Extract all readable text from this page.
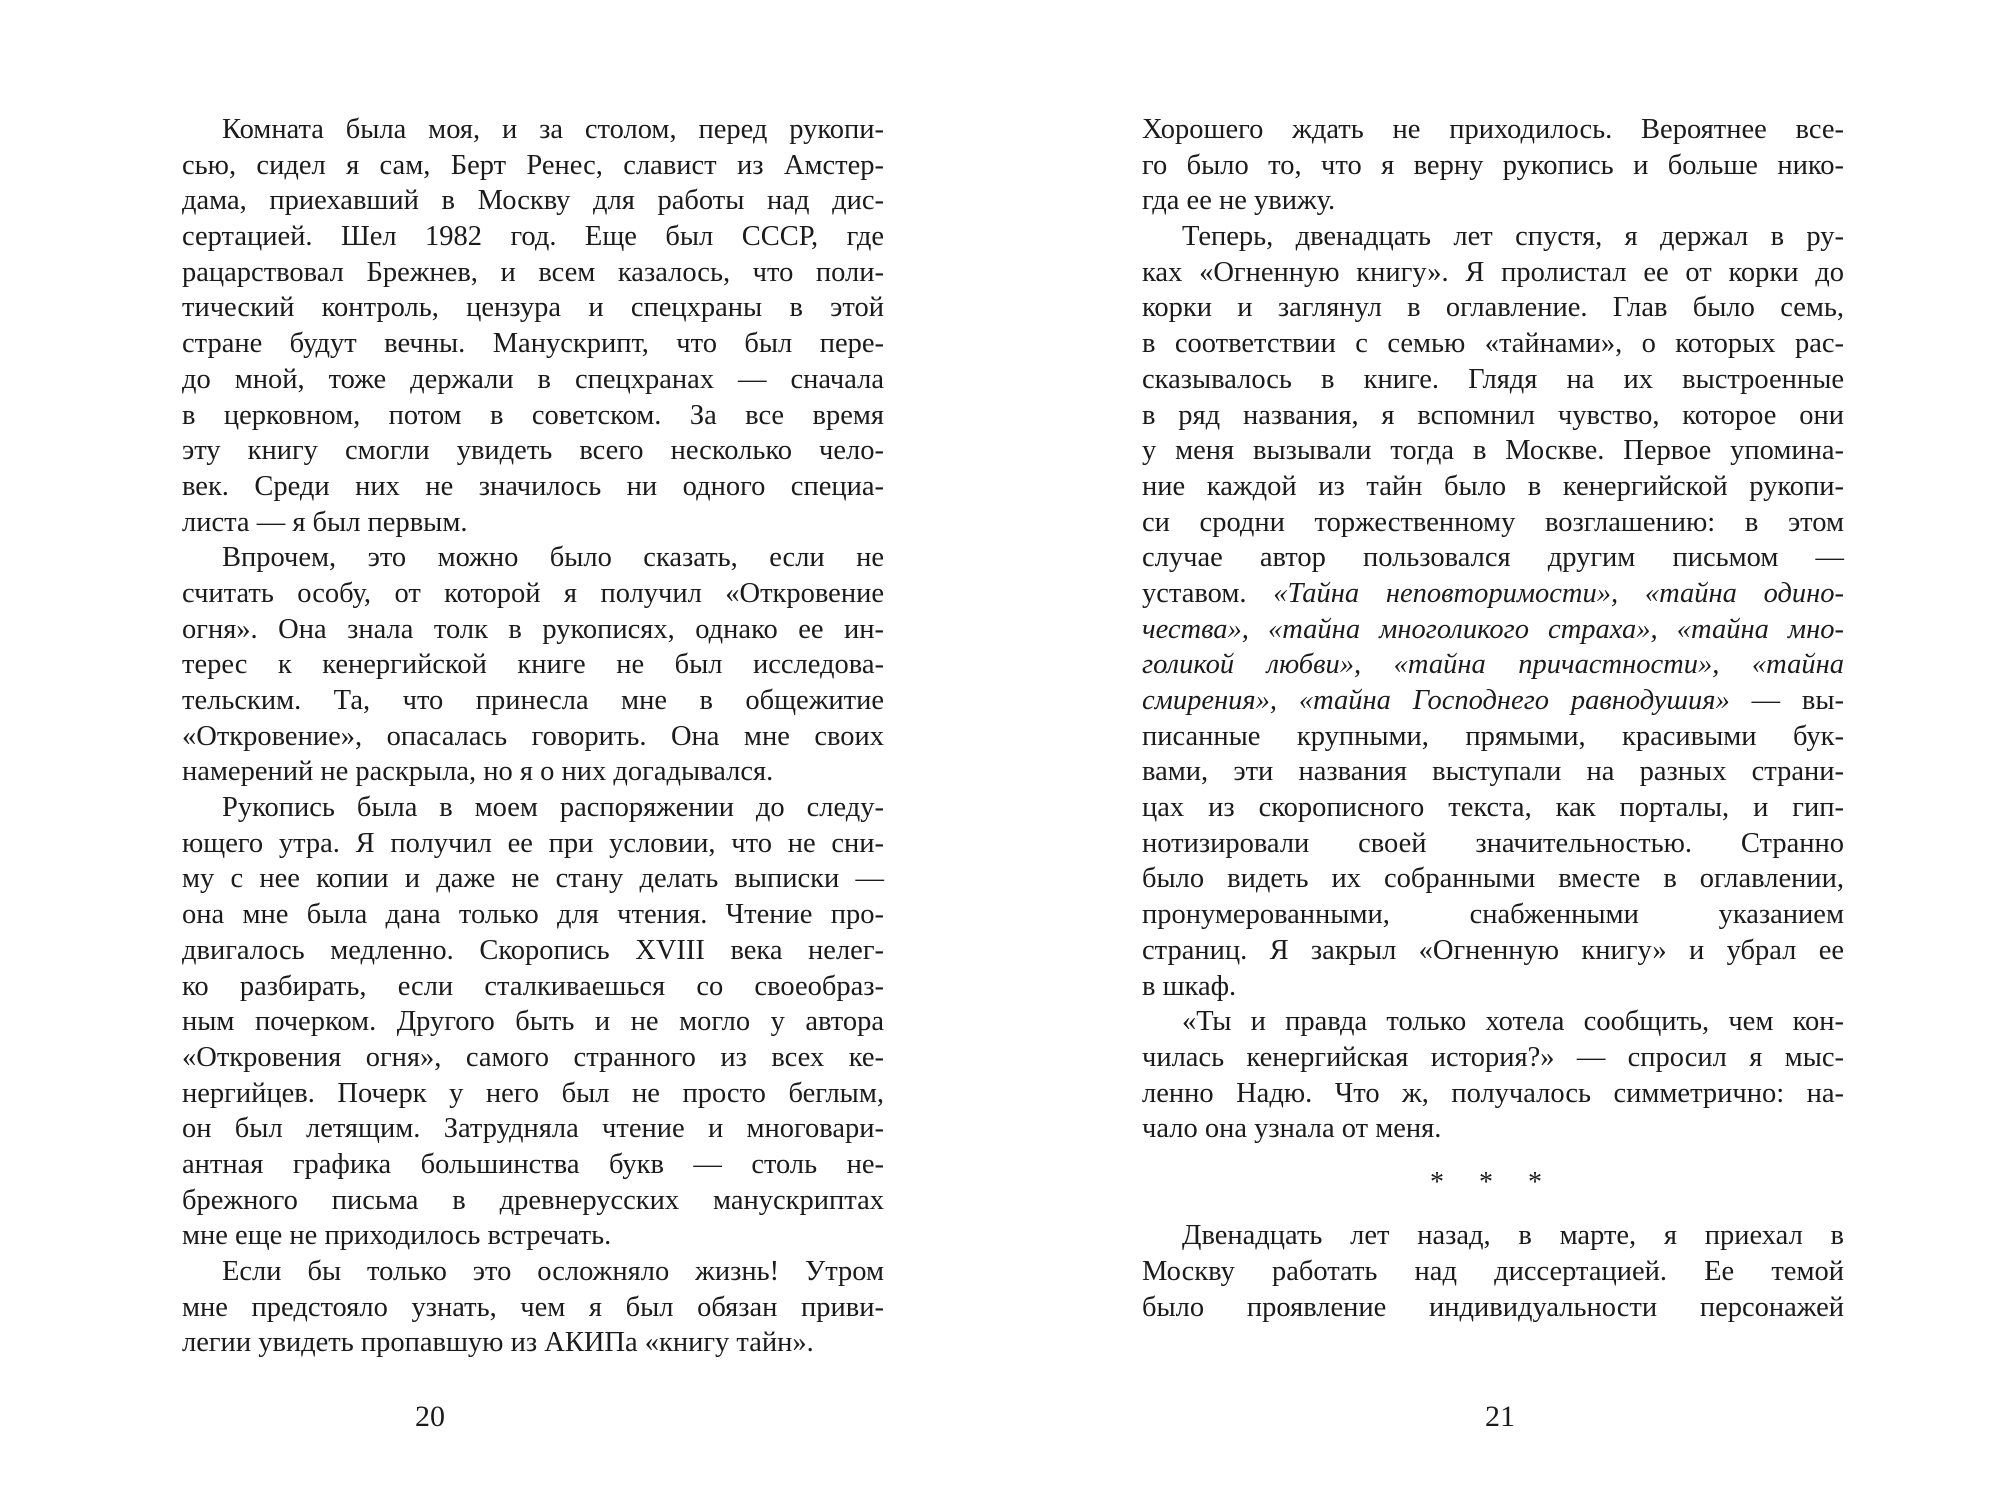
Комната была моя, и за столом, перед рукопи-
сью, сидел я сам, Берт Ренес, славист из Амстер-
дама, приехавший в Москву для работы над дис-
сертацией. Шел 1982 год. Еще был СССР, где
рацарствовал Брежнев, и всем казалось, что поли-
тический контроль, цензура и спецхраны в этой
стране будут вечны. Манускрипт, что был пере-
до мной, тоже держали в спецхранах — сначала
в церковном, потом в советском. За все время
эту книгу смогли увидеть всего несколько чело-
век. Среди них не значилось ни одного специа-
листа — я был первым.
Впрочем, это можно было сказать, если не
считать особу, от которой я получил «Откровение
огня». Она знала толк в рукописях, однако ее ин-
терес к кенергийской книге не был исследова-
тельским. Та, что принесла мне в общежитие
«Откровение», опасалась говорить. Она мне своих
намерений не раскрыла, но я о них догадывался.
Рукопись была в моем распоряжении до следу-
ющего утра. Я получил ее при условии, что не сни-
му с нее копии и даже не стану делать выписки —
она мне была дана только для чтения. Чтение про-
двигалось медленно. Скоропись XVIII века нелег-
ко разбирать, если сталкиваешься со своеобраз-
ным почерком. Другого быть и не могло у автора
«Откровения огня», самого странного из всех ке-
нергийцев. Почерк у него был не просто беглым,
он был летящим. Затрудняла чтение и многовари-
антная графика большинства букв — столь не-
брежного письма в древнерусских манускриптах
мне еще не приходилось встречать.
Если бы только это осложняло жизнь! Утром
мне предстояло узнать, чем я был обязан приви-
легии увидеть пропавшую из АКИПа «книгу тайн».
20
Хорошего ждать не приходилось. Вероятнее все-
го было то, что я верну рукопись и больше нико-
гда ее не увижу.
Теперь, двенадцать лет спустя, я держал в ру-
ках «Огненную книгу». Я пролистал ее от корки до
корки и заглянул в оглавление. Глав было семь,
в соответствии с семью «тайнами», о которых рас-
сказывалось в книге. Глядя на их выстроенные
в ряд названия, я вспомнил чувство, которое они
у меня вызывали тогда в Москве. Первое упомина-
ние каждой из тайн было в кенергийской рукопи-
си сродни торжественному возглашению: в этом
случае автор пользовался другим письмом —
уставом. «Тайна неповторимости», «тайна одино-
чества», «тайна многоликого страха», «тайна мно-
голикой любви», «тайна причастности», «тайна
смирения», «тайна Господнего равнодушия» — вы-
писанные крупными, прямыми, красивыми бук-
вами, эти названия выступали на разных страни-
цах из скорописного текста, как порталы, и гип-
нотизировали своей значительностью. Странно
было видеть их собранными вместе в оглавлении,
пронумерованными, снабженными указанием
страниц. Я закрыл «Огненную книгу» и убрал ее
в шкаф.
«Ты и правда только хотела сообщить, чем кон-
чилась кенергийская история?» — спросил я мыс-
ленно Надю. Что ж, получалось симметрично: на-
чало она узнала от меня.
* * *
Двенадцать лет назад, в марте, я приехал в
Москву работать над диссертацией. Ее темой
было проявление индивидуальности персонажей
21
